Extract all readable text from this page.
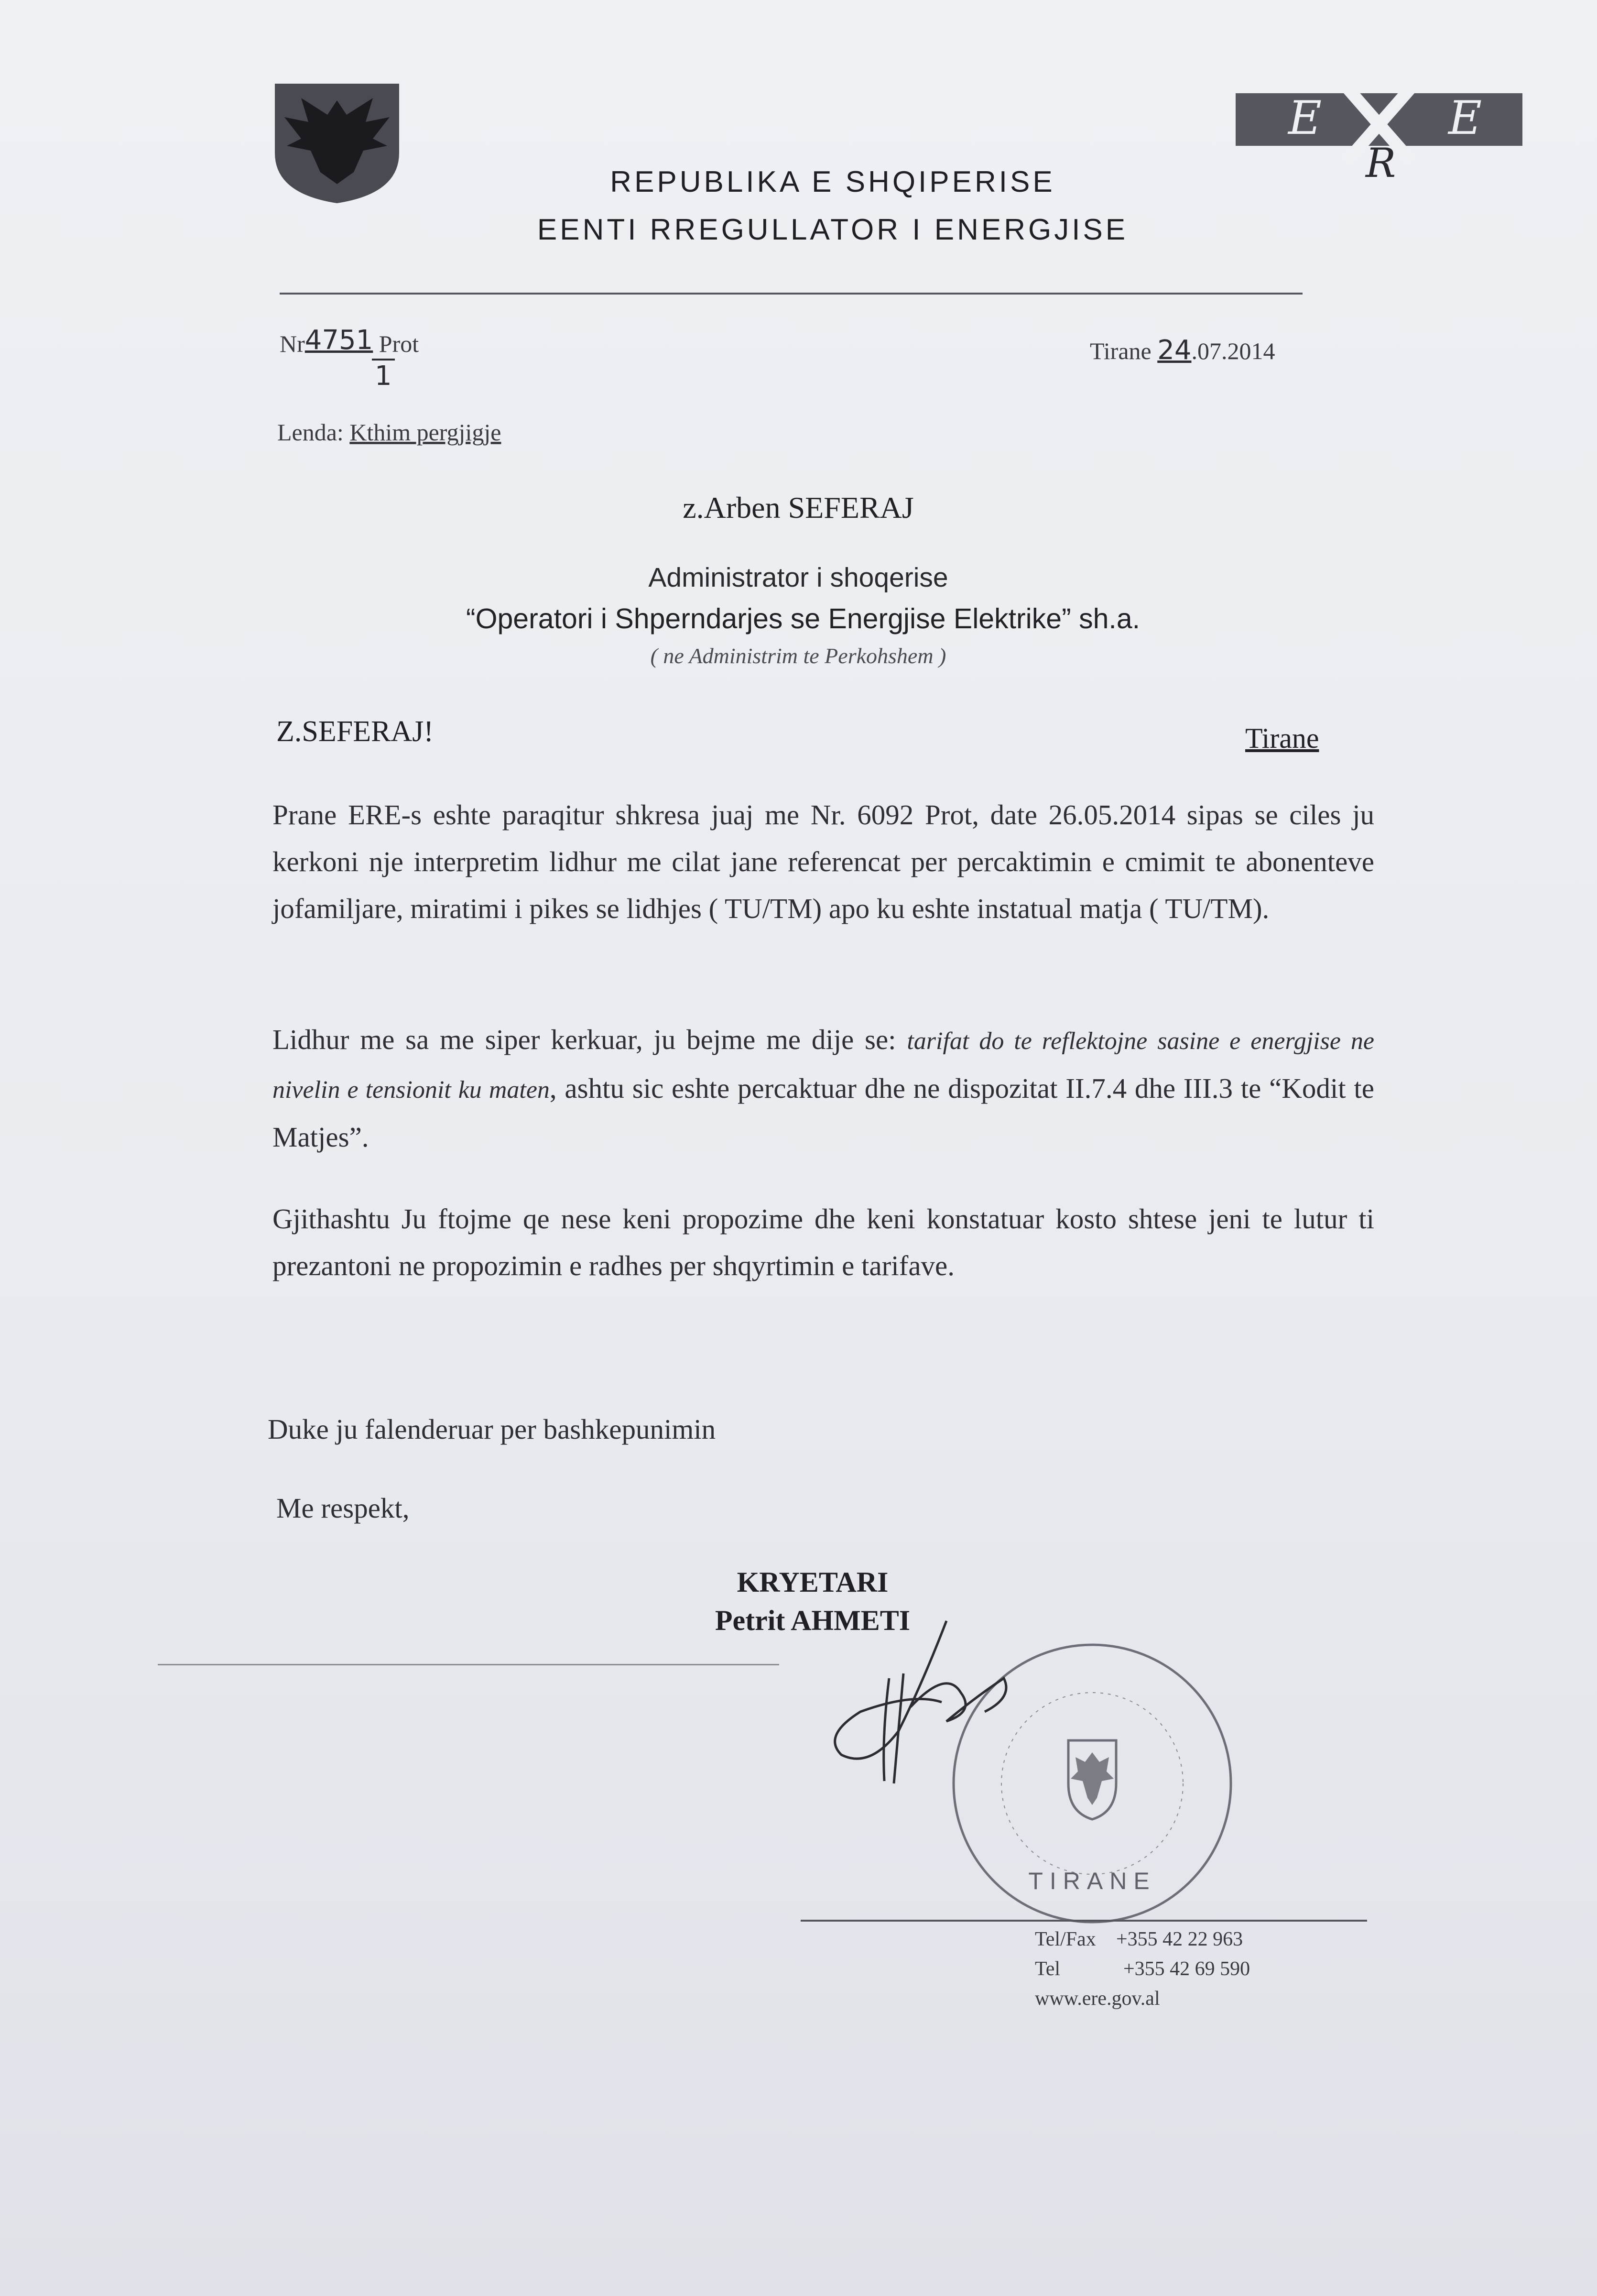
E	E
R
REPUBLIKA E SHQIPERISE
EENTI RREGULLATOR I ENERGJISE
Nr4751 Prot
1
Tirane 24.07.2014
Lenda: Kthim pergjigje
z.Arben SEFERAJ
Administrator i shoqerise
“Operatori i Shperndarjes se Energjise Elektrike” sh.a.
( ne Administrim te Perkohshem )
Z.SEFERAJ!	Tirane
Prane ERE-s eshte paraqitur shkresa juaj me Nr. 6092 Prot, date 26.05.2014 sipas se ciles ju kerkoni nje interpretim lidhur me cilat jane referencat per percaktimin e cmimit te abonenteve jofamiljare, miratimi i pikes se lidhjes ( TU/TM) apo ku eshte instatual matja ( TU/TM).
Lidhur me sa me siper kerkuar, ju bejme me dije se: tarifat do te reflektojne sasine e energjise ne nivelin e tensionit ku maten, ashtu sic eshte percaktuar dhe ne dispozitat II.7.4 dhe III.3 te “Kodit te Matjes”.
Gjithashtu Ju ftojme qe nese keni propozime dhe keni konstatuar kosto shtese jeni te lutur ti prezantoni ne propozimin e radhes per shqyrtimin e tarifave.
Duke ju falenderuar per bashkepunimin
Me respekt,
KRYETARI
Petrit AHMETI
TIRANE
Tel/Fax +355 42 22 963
Tel	+355 42 69 590
www.ere.gov.al
